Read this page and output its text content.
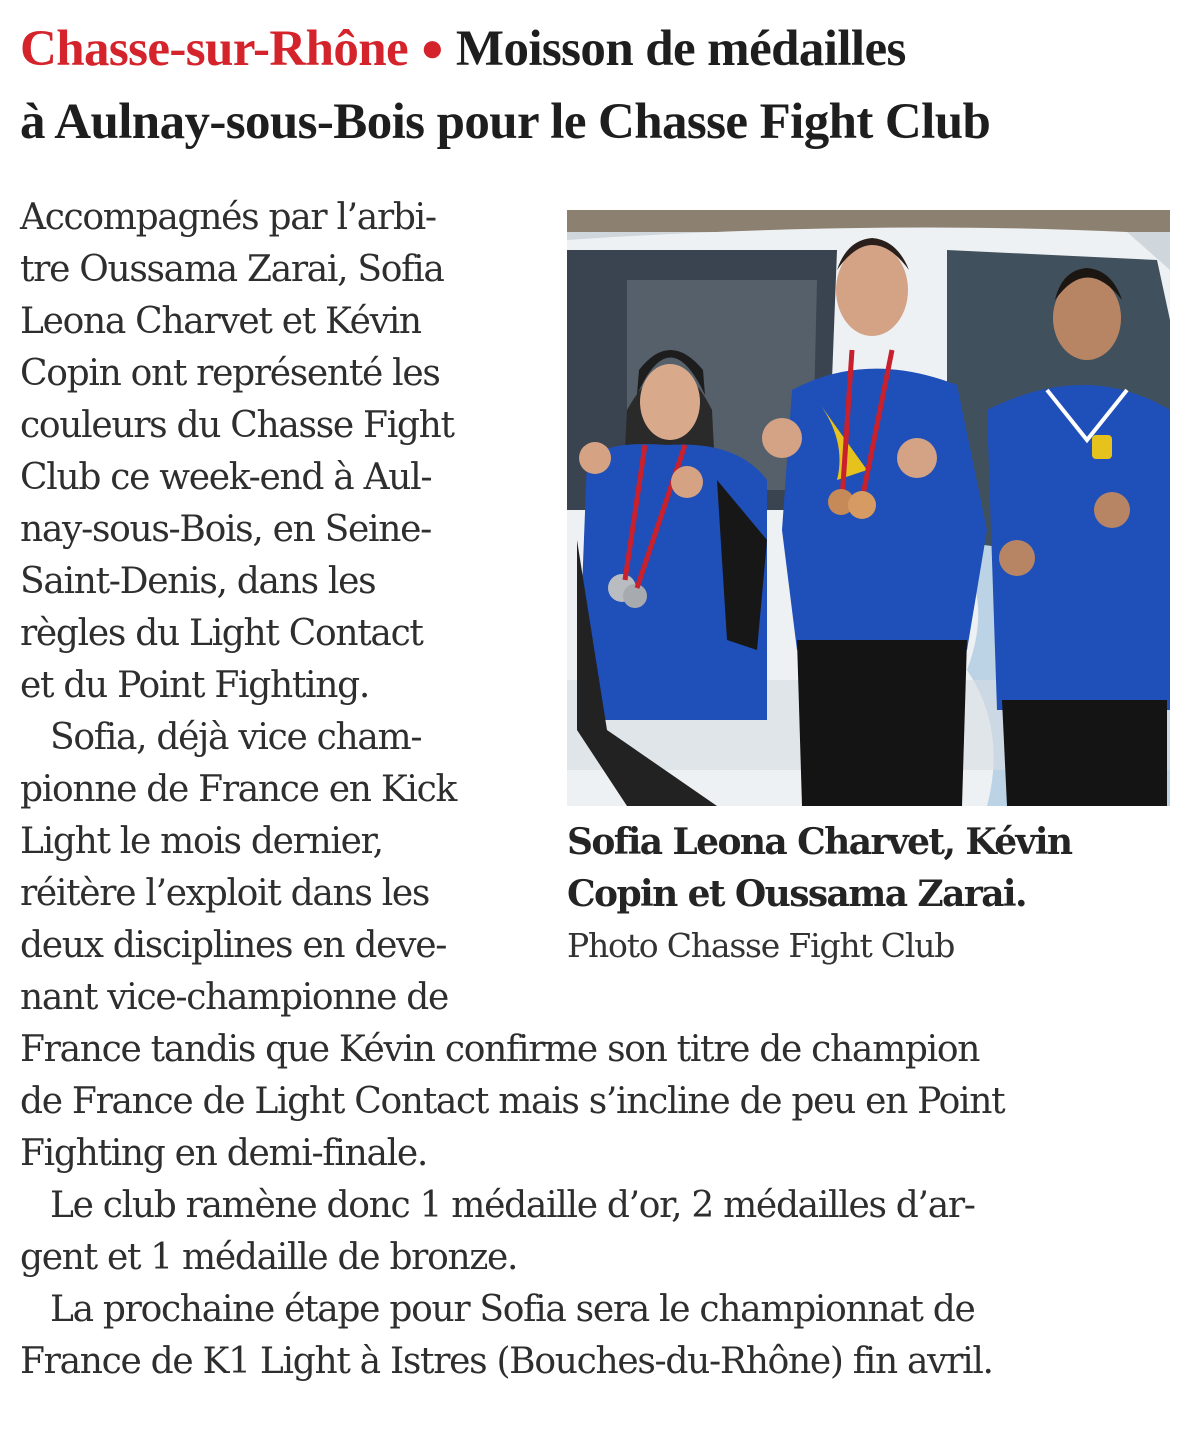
Chasse-sur-Rhône ● Moisson de médailles
à Aulnay-sous-Bois pour le Chasse Fight Club

Accompagnés par l’arbi-

tre Oussama Zarai, Sofia

Leona Charvet et Kévin

Copin ont représenté les

couleurs du Chasse Fight

Club ce week-end à Aul-

nay-sous-Bois, en Seine-

Saint-Denis, dans les

règles du Light Contact

et du Point Fighting.

Sofia, déjà vice cham-

pionne de France en Kick

Light le mois dernier,

réitère l’exploit dans les

deux disciplines en deve-

nant vice-championne de

France tandis que Kévin confirme son titre de champion

de France de Light Contact mais s’incline de peu en Point

Fighting en demi-finale.

Le club ramène donc 1 médaille d’or, 2 médailles d’ar-

gent et 1 médaille de bronze.

La prochaine étape pour Sofia sera le championnat de

France de K1 Light à Istres (Bouches-du-Rhône) fin avril.

Sofia Leona Charvet, Kévin

Copin et Oussama Zarai.

Photo Chasse Fight Club
